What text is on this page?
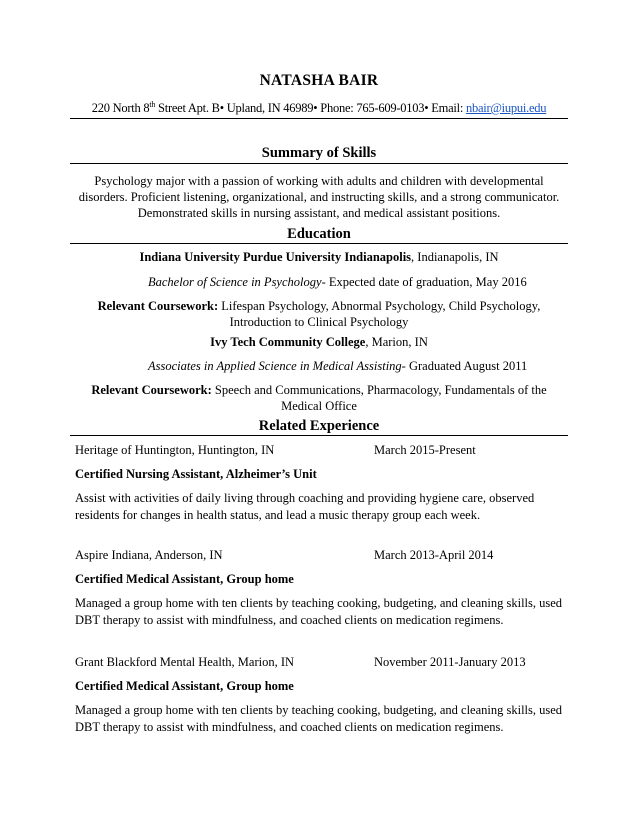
NATASHA BAIR
220 North 8th Street Apt. B• Upland, IN 46989• Phone: 765-609-0103• Email: nbair@iupui.edu
Summary of Skills
Psychology major with a passion of working with adults and children with developmental
disorders. Proficient listening, organizational, and instructing skills, and a strong communicator.
Demonstrated skills in nursing assistant, and medical assistant positions.
Education
Indiana University Purdue University Indianapolis, Indianapolis, IN
Bachelor of Science in Psychology- Expected date of graduation, May 2016
Relevant Coursework: Lifespan Psychology, Abnormal Psychology, Child Psychology,
Introduction to Clinical Psychology
Ivy Tech Community College, Marion, IN
Associates in Applied Science in Medical Assisting- Graduated August 2011
Relevant Coursework: Speech and Communications, Pharmacology, Fundamentals of the
Medical Office
Related Experience
Heritage of Huntington, Huntington, IN	March 2015-Present
Certified Nursing Assistant, Alzheimer’s Unit
Assist with activities of daily living through coaching and providing hygiene care, observed
residents for changes in health status, and lead a music therapy group each week.
Aspire Indiana, Anderson, IN	March 2013-April 2014
Certified Medical Assistant, Group home
Managed a group home with ten clients by teaching cooking, budgeting, and cleaning skills, used
DBT therapy to assist with mindfulness, and coached clients on medication regimens.
Grant Blackford Mental Health, Marion, IN	November 2011-January 2013
Certified Medical Assistant, Group home
Managed a group home with ten clients by teaching cooking, budgeting, and cleaning skills, used
DBT therapy to assist with mindfulness, and coached clients on medication regimens.
